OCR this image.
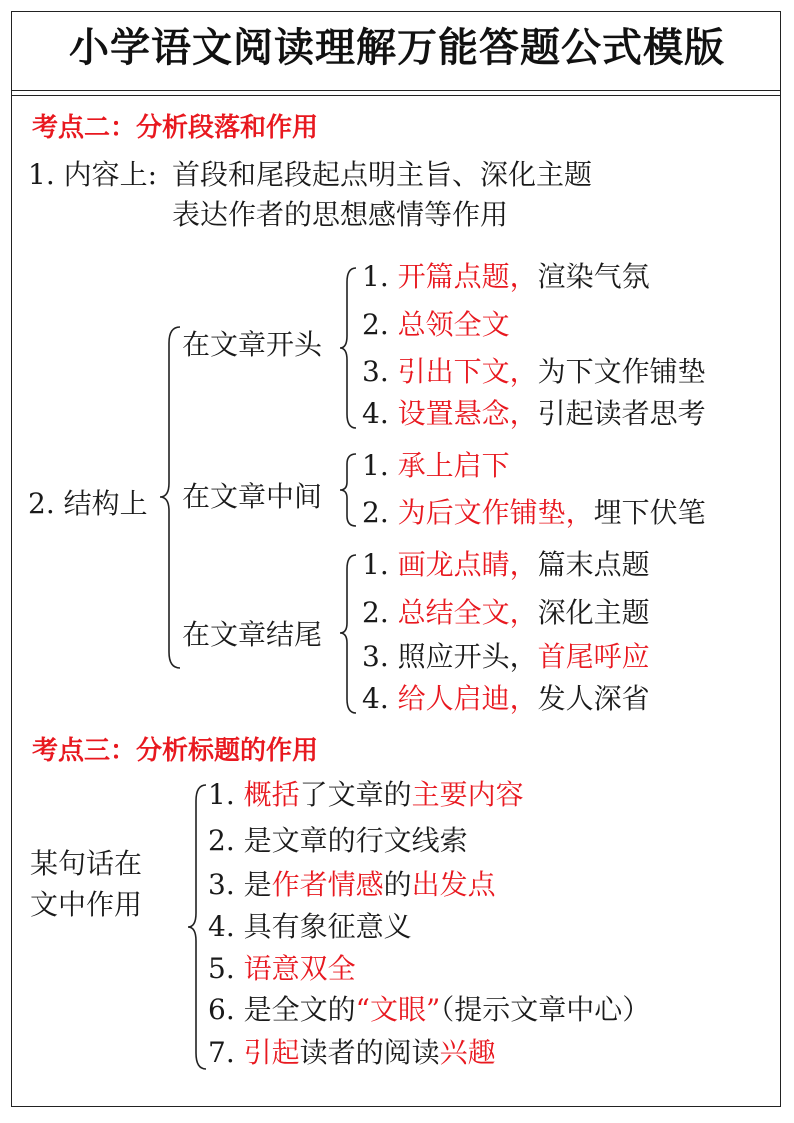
小学语文阅读理解万能答题公式模版
考点二：分析段落和作用
1. 内容上: 首段和尾段起点明主旨、深化主题
表达作者的思想感情等作用
2. 结构上
在文章开头
1. 开篇点题，渲染气氛
2. 总领全文
3. 引出下文，为下文作铺垫
4. 设置悬念，引起读者思考
在文章中间
1. 承上启下
2. 为后文作铺垫，埋下伏笔
在文章结尾
1. 画龙点睛，篇末点题
2. 总结全文，深化主题
3. 照应开头，首尾呼应
4. 给人启迪，发人深省
考点三：分析标题的作用
某句话在
文中作用
1. 概括了文章的主要内容
2. 是文章的行文线索
3. 是作者情感的出发点
4. 具有象征意义
5. 语意双全
6. 是全文的“文眼”（提示文章中心）
7. 引起读者的阅读兴趣
